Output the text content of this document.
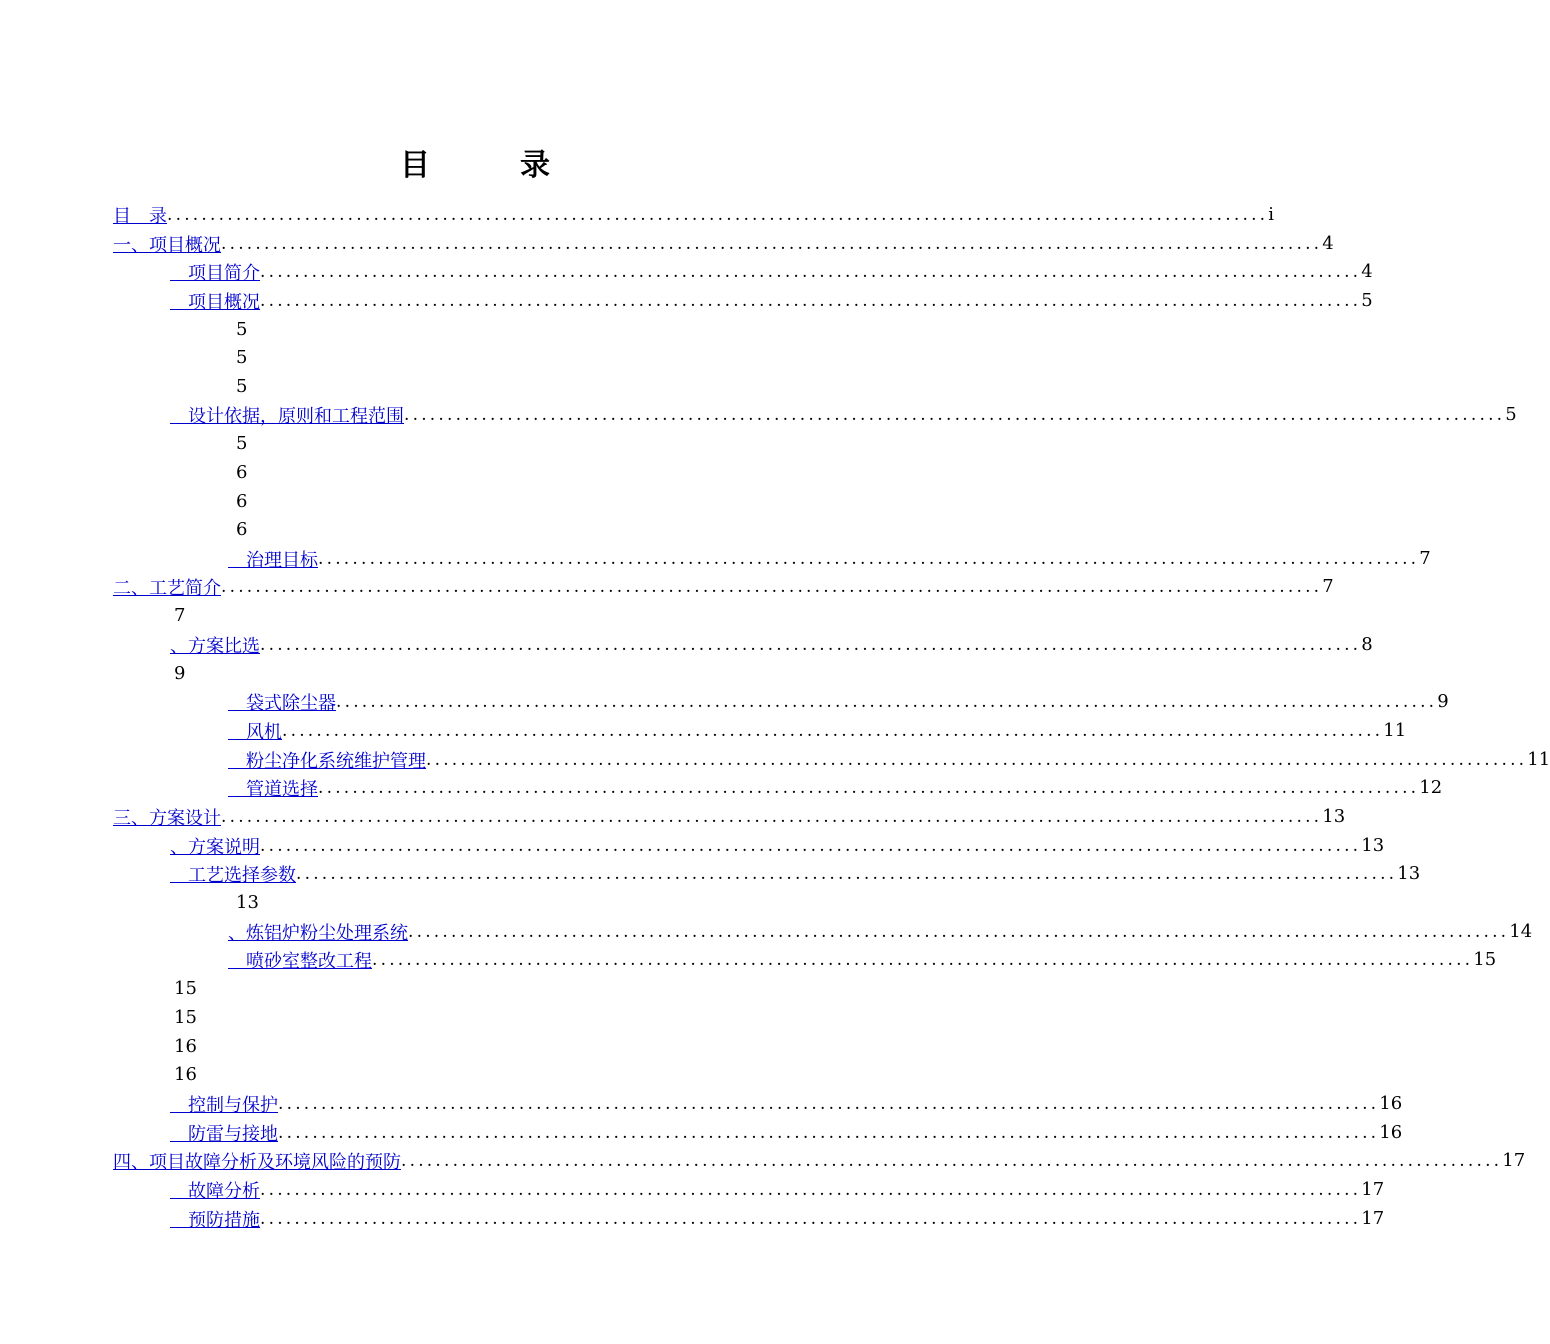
目　录
目　录 ................................................................................................................................ i
一、项目概况 ................................................................................................................................ 4
　项目简介 ................................................................................................................................ 4
　项目概况 ................................................................................................................................ 5
5
5
5
　设计依据，原则和工程范围 ................................................................................................................................ 5
5
6
6
6
　治理目标 ................................................................................................................................ 7
二、工艺简介 ................................................................................................................................ 7
7
、方案比选 ................................................................................................................................ 8
9
　袋式除尘器 ................................................................................................................................ 9
　风机 ................................................................................................................................ 11
　粉尘净化系统维护管理 ................................................................................................................................ 11
　管道选择 ................................................................................................................................ 12
三、方案设计 ................................................................................................................................ 13
、方案说明 ................................................................................................................................ 13
　工艺选择参数 ................................................................................................................................ 13
13
、炼铝炉粉尘处理系统 ................................................................................................................................ 14
　喷砂室整改工程 ................................................................................................................................ 15
15
15
16
16
　控制与保护 ................................................................................................................................ 16
　防雷与接地 ................................................................................................................................ 16
四、项目故障分析及环境风险的预防 ................................................................................................................................ 17
　故障分析 ................................................................................................................................ 17
　预防措施 ................................................................................................................................ 17
